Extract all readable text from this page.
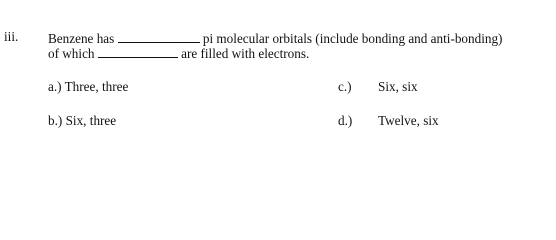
iii. Benzene has	pi molecular orbitals (include bonding and anti-bonding)
of which	are filled with electrons.
a.) Three, three
b.) Six, three
c.) Six, six
d.) Twelve, six
